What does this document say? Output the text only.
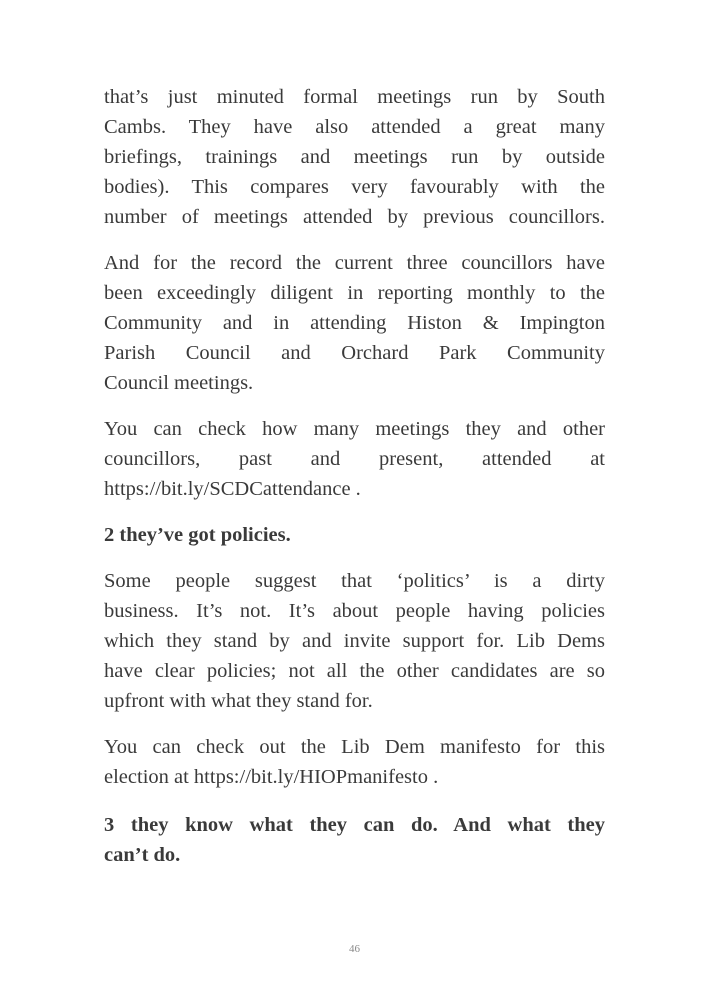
that’s just minuted formal meetings run by South
Cambs. They have also attended a great many
briefings, trainings and meetings run by outside
bodies). This compares very favourably with the
number of meetings attended by previous councillors.

And for the record the current three councillors have
been exceedingly diligent in reporting monthly to the
Community and in attending Histon & Impington
Parish Council and Orchard Park Community
Council meetings.

You can check how many meetings they and other
councillors, past and present, attended at
https://bit.ly/SCDCattendance .

2 they’ve got policies.

Some people suggest that ‘politics’ is a dirty
business. It’s not. It’s about people having policies
which they stand by and invite support for. Lib Dems
have clear policies; not all the other candidates are so
upfront with what they stand for.

You can check out the Lib Dem manifesto for this
election at https://bit.ly/HIOPmanifesto .

3 they know what they can do. And what they
can’t do.

46
